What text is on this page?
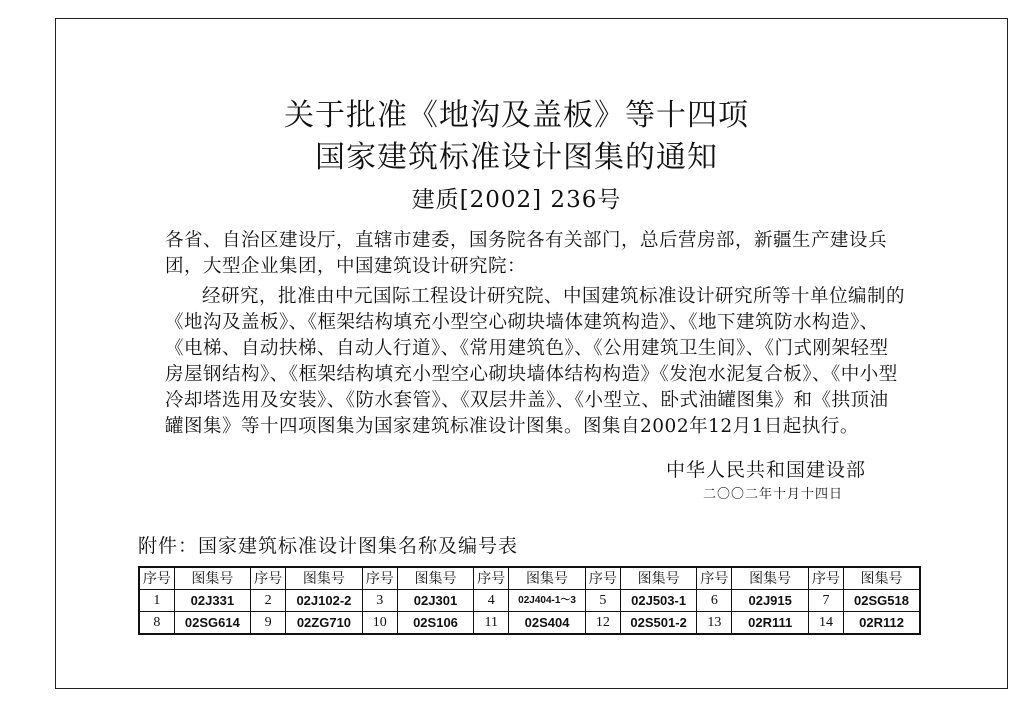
关于批准《地沟及盖板》等十四项
国家建筑标准设计图集的通知
建质[2002] 236号
各省、自治区建设厅，直辖市建委，国务院各有关部门，总后营房部，新疆生产建设兵团，大型企业集团，中国建筑设计研究院：
经研究，批准由中元国际工程设计研究院、中国建筑标准设计研究所等十单位编制的《地沟及盖板》、《框架结构填充小型空心砌块墙体建筑构造》、《地下建筑防水构造》、《电梯、自动扶梯、自动人行道》、《常用建筑色》、《公用建筑卫生间》、《门式刚架轻型房屋钢结构》、《框架结构填充小型空心砌块墙体结构构造》《发泡水泥复合板》、《中小型冷却塔选用及安装》、《防水套管》、《双层井盖》、《小型立、卧式油罐图集》和《拱顶油罐图集》等十四项图集为国家建筑标准设计图集。图集自2002年12月1日起执行。
中华人民共和国建设部
二〇〇二年十月十四日
附件：国家建筑标准设计图集名称及编号表
序号	图集号	序号	图集号	序号	图集号	序号	图集号	序号	图集号	序号	图集号	序号	图集号
1	02J331	2	02J102-2	3	02J301	4	02J404-1～3	5	02J503-1	6	02J915	7	02SG518
8	02SG614	9	02ZG710	10	02S106	11	02S404	12	02S501-2	13	02R111	14	02R112
